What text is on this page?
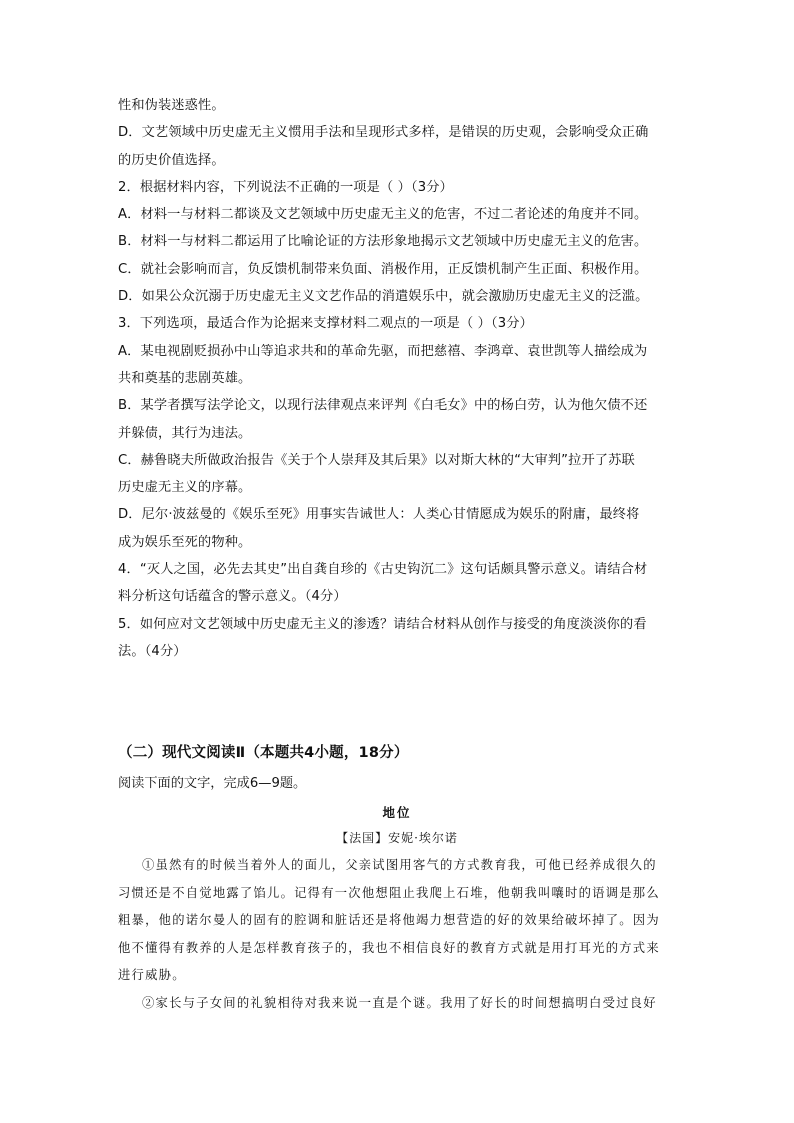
性和伪装迷惑性。
D．文艺领域中历史虚无主义惯用手法和呈现形式多样，是错误的历史观，会影响受众正确
的历史价值选择。
2．根据材料内容，下列说法不正确的一项是（ ）（3分）
A．材料一与材料二都谈及文艺领域中历史虚无主义的危害，不过二者论述的角度并不同。
B．材料一与材料二都运用了比喻论证的方法形象地揭示文艺领域中历史虚无主义的危害。
C．就社会影响而言，负反馈机制带来负面、消极作用，正反馈机制产生正面、积极作用。
D．如果公众沉溺于历史虚无主义文艺作品的消遣娱乐中，就会激励历史虚无主义的泛滥。
3．下列选项，最适合作为论据来支撑材料二观点的一项是（ ）（3分）
A．某电视剧贬损孙中山等追求共和的革命先驱，而把慈禧、李鸿章、袁世凯等人描绘成为
共和奠基的悲剧英雄。
B．某学者撰写法学论文，以现行法律观点来评判《白毛女》中的杨白劳，认为他欠债不还
并躲债，其行为违法。
C．赫鲁晓夫所做政治报告《关于个人崇拜及其后果》以对斯大林的“大审判”拉开了苏联
历史虚无主义的序幕。
D．尼尔·波兹曼的《娱乐至死》用事实告诫世人：人类心甘情愿成为娱乐的附庸，最终将
成为娱乐至死的物种。
4．“灭人之国，必先去其史”出自龚自珍的《古史钩沉二》这句话颇具警示意义。请结合材
料分析这句话蕴含的警示意义。（4分）
5．如何应对文艺领域中历史虚无主义的渗透？请结合材料从创作与接受的角度淡淡你的看
法。（4分）
（二）现代文阅读Ⅱ（本题共4小题，18分）
阅读下面的文字，完成6—9题。
地位
【法国】安妮·埃尔诺
①虽然有的时候当着外人的面儿，父亲试图用客气的方式教育我，可他已经养成很久的
习惯还是不自觉地露了馅儿。记得有一次他想阻止我爬上石堆，他朝我叫嚷时的语调是那么
粗暴，他的诺尔曼人的固有的腔调和脏话还是将他竭力想营造的好的效果给破坏掉了。因为
他不懂得有教养的人是怎样教育孩子的，我也不相信良好的教育方式就是用打耳光的方式来
进行威胁。
②家长与子女间的礼貌相待对我来说一直是个谜。我用了好长的时间想搞明白受过良好
